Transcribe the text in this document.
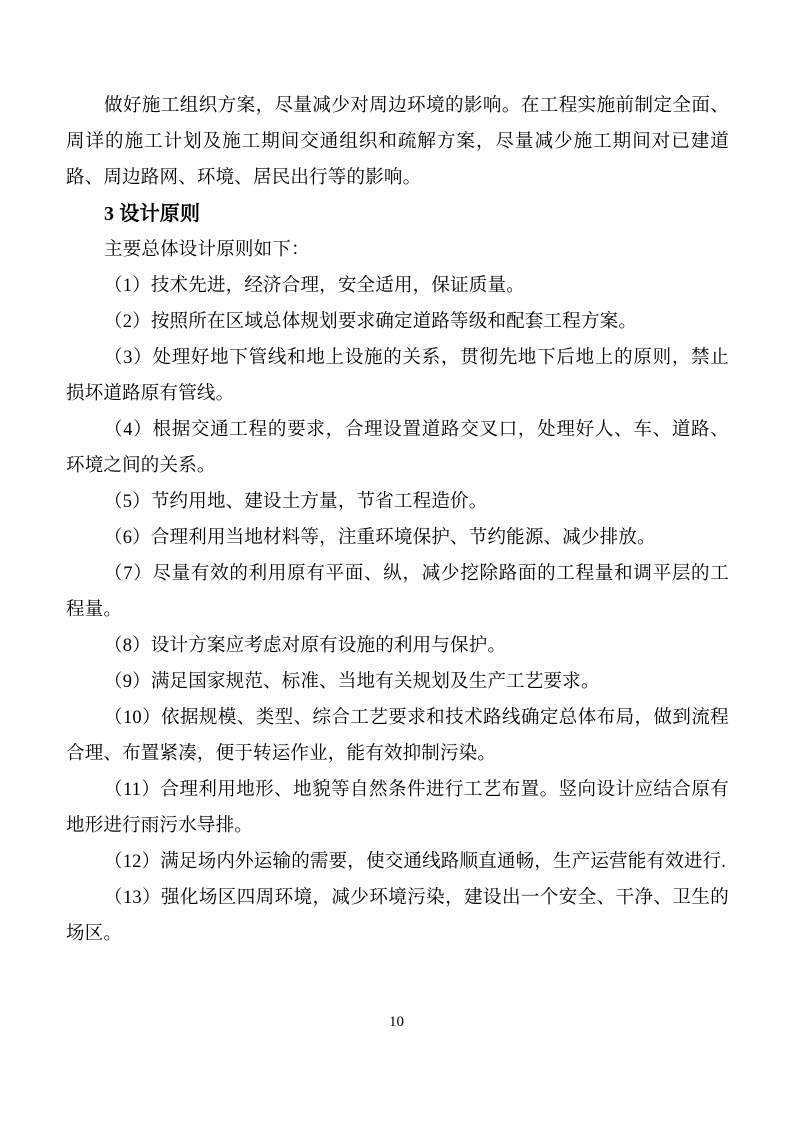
做好施工组织方案，尽量减少对周边环境的影响。在工程实施前制定全面、周详的施工计划及施工期间交通组织和疏解方案，尽量减少施工期间对已建道路、周边路网、环境、居民出行等的影响。

3 设计原则

主要总体设计原则如下：

（1）技术先进，经济合理，安全适用，保证质量。

（2）按照所在区域总体规划要求确定道路等级和配套工程方案。

（3）处理好地下管线和地上设施的关系，贯彻先地下后地上的原则，禁止损坏道路原有管线。

（4）根据交通工程的要求，合理设置道路交叉口，处理好人、车、道路、环境之间的关系。

（5）节约用地、建设土方量，节省工程造价。

（6）合理利用当地材料等，注重环境保护、节约能源、减少排放。

（7）尽量有效的利用原有平面、纵，减少挖除路面的工程量和调平层的工程量。

（8）设计方案应考虑对原有设施的利用与保护。

（9）满足国家规范、标准、当地有关规划及生产工艺要求。

（10）依据规模、类型、综合工艺要求和技术路线确定总体布局，做到流程合理、布置紧凑，便于转运作业，能有效抑制污染。

（11）合理利用地形、地貌等自然条件进行工艺布置。竖向设计应结合原有地形进行雨污水导排。

（12）满足场内外运输的需要，使交通线路顺直通畅，生产运营能有效进行.

（13）强化场区四周环境，减少环境污染，建设出一个安全、干净、卫生的场区。

10
